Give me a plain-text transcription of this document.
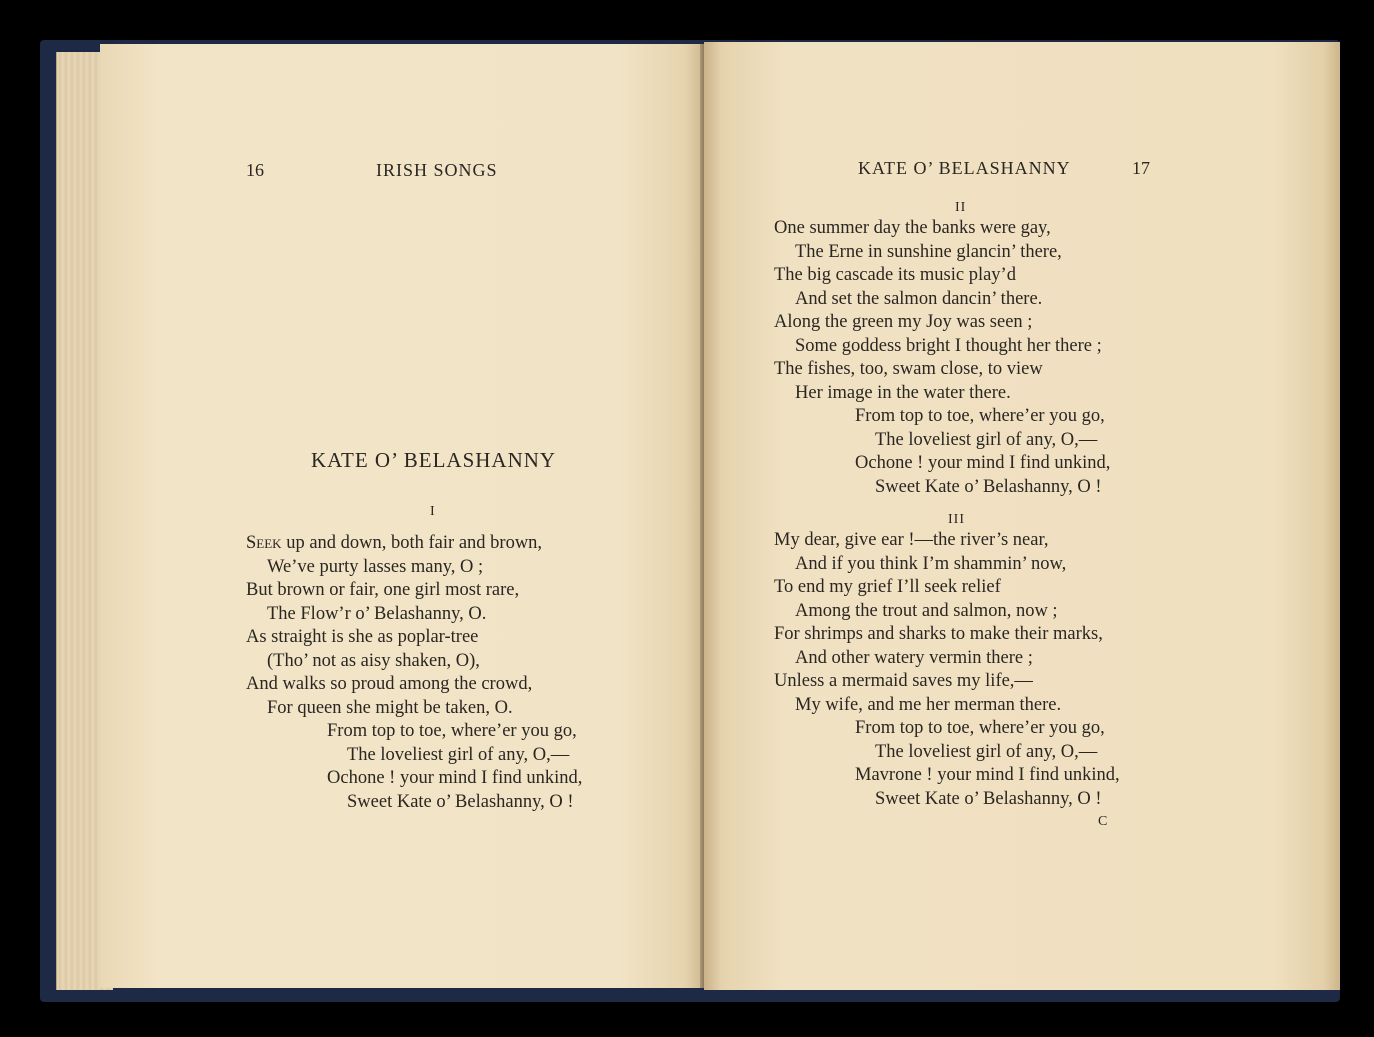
16	IRISH SONGS
KATE O’ BELASHANNY
I
Seek up and down, both fair and brown,
We’ve purty lasses many, O ;
But brown or fair, one girl most rare,
The Flow’r o’ Belashanny, O.
As straight is she as poplar-tree
(Tho’ not as aisy shaken, O),
And walks so proud among the crowd,
For queen she might be taken, O.
From top to toe, where’er you go,
The loveliest girl of any, O,—
Ochone ! your mind I find unkind,
Sweet Kate o’ Belashanny, O !
KATE O’ BELASHANNY	17
II
One summer day the banks were gay,
The Erne in sunshine glancin’ there,
The big cascade its music play’d
And set the salmon dancin’ there.
Along the green my Joy was seen ;
Some goddess bright I thought her there ;
The fishes, too, swam close, to view
Her image in the water there.
From top to toe, where’er you go,
The loveliest girl of any, O,—
Ochone ! your mind I find unkind,
Sweet Kate o’ Belashanny, O !
III
My dear, give ear !—the river’s near,
And if you think I’m shammin’ now,
To end my grief I’ll seek relief
Among the trout and salmon, now ;
For shrimps and sharks to make their marks,
And other watery vermin there ;
Unless a mermaid saves my life,—
My wife, and me her merman there.
From top to toe, where’er you go,
The loveliest girl of any, O,—
Mavrone ! your mind I find unkind,
Sweet Kate o’ Belashanny, O !
C
